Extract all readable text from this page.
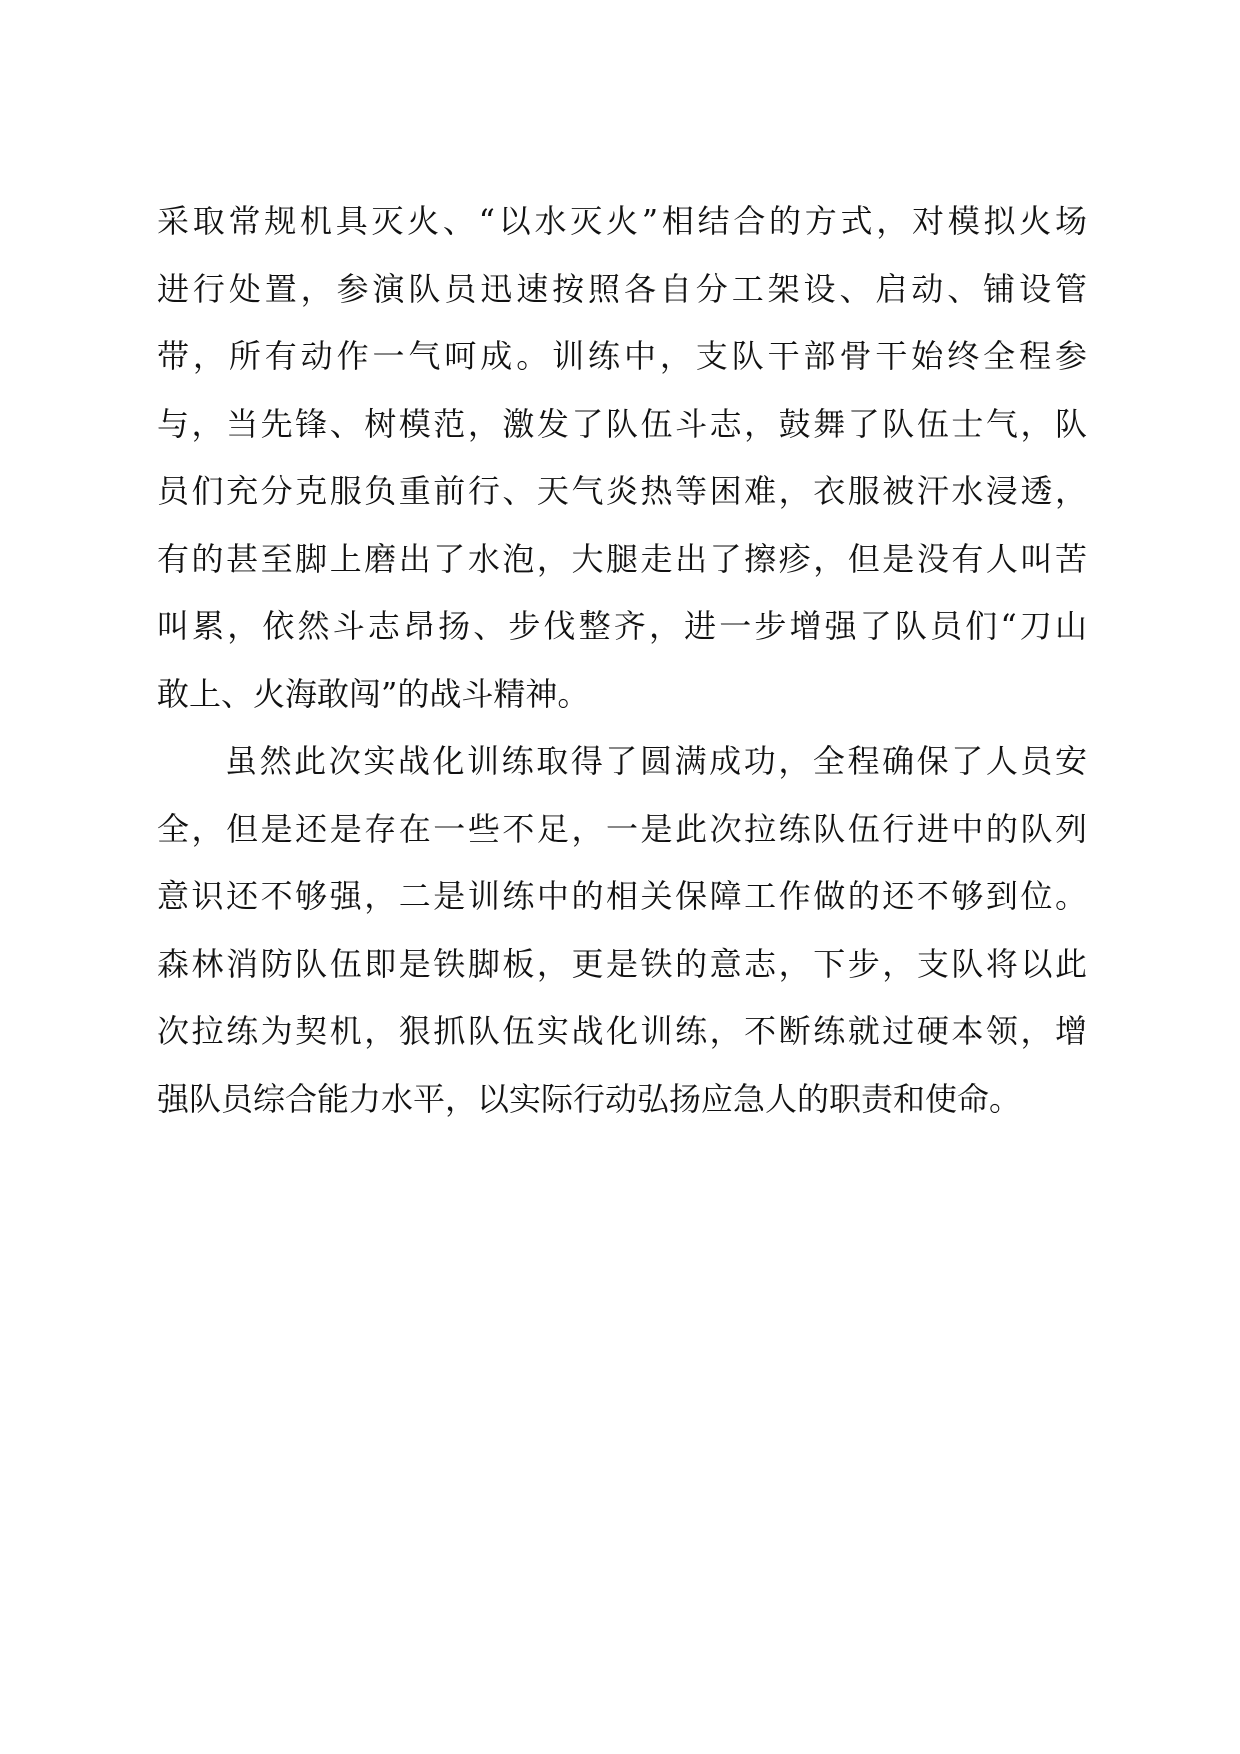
采取常规机具灭火、“以水灭火”相结合的方式，对模拟火场
进行处置，参演队员迅速按照各自分工架设、启动、铺设管
带，所有动作一气呵成。训练中，支队干部骨干始终全程参
与，当先锋、树模范，激发了队伍斗志，鼓舞了队伍士气，队
员们充分克服负重前行、天气炎热等困难，衣服被汗水浸透，
有的甚至脚上磨出了水泡，大腿走出了擦疹，但是没有人叫苦
叫累，依然斗志昂扬、步伐整齐，进一步增强了队员们“刀山
敢上、火海敢闯”的战斗精神。
虽然此次实战化训练取得了圆满成功，全程确保了人员安
全，但是还是存在一些不足，一是此次拉练队伍行进中的队列
意识还不够强，二是训练中的相关保障工作做的还不够到位。
森林消防队伍即是铁脚板，更是铁的意志，下步，支队将以此
次拉练为契机，狠抓队伍实战化训练，不断练就过硬本领，增
强队员综合能力水平，以实际行动弘扬应急人的职责和使命。
